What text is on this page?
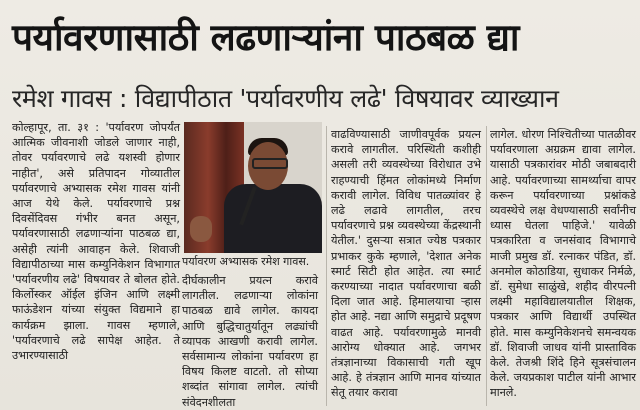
पर्यावरणासाठी लढणाऱ्यांना पाठबळ द्या
रमेश गावस : विद्यापीठात 'पर्यावरणीय लढे' विषयावर व्याख्यान

कोल्हापूर, ता. ३१ : 'पर्यावरण जोपर्यंत आत्मिक जीवनाशी जोडले जाणार नाही, तोवर पर्यावरणाचे लढे यशस्वी होणार नाहीत', असे प्रतिपादन गोव्यातील पर्यावरणाचे अभ्यासक रमेश गावस यांनी आज येथे केले. पर्यावरणाचे प्रश्न दिवसेंदिवस गंभीर बनत असून, पर्यावरणासाठी लढणाऱ्यांना पाठबळ द्या, असेही त्यांनी आवाहन केले. शिवाजी विद्यापीठाच्या मास कम्युनिकेशन विभागात 'पर्यावरणीय लढे' विषयावर ते बोलत होते. किर्लोस्कर ऑईल इंजिन आणि लक्ष्मी फाऊंडेशन यांच्या संयुक्त विद्यमाने हा कार्यक्रम झाला. गावस म्हणाले, 'पर्यावरणाचे लढे सापेक्ष आहेत. ते उभारण्यासाठी

पर्यावरण अभ्यासक रमेश गावस.

दीर्घकालीन प्रयत्न करावे लागतील. लढणाऱ्या लोकांना पाठबळ द्यावे लागेल. कायदा आणि बुद्धिचातुर्यातून लढ्यांची व्यापक आखणी करावी लागेल. सर्वसामान्य लोकांना पर्यावरण हा विषय किलष्ट वाटतो. तो सोप्या शब्दांत सांगावा लागेल. त्यांची संवेदनशीलता

वाढविण्यासाठी जाणीवपूर्वक प्रयत्न करावे लागतील. परिस्थिती कशीही असली तरी व्यवस्थेच्या विरोधात उभे राहण्याची हिंमत लोकांमध्ये निर्माण करावी लागेल. विविध पातळ्यांवर हे लढे लढावे लागतील, तरच पर्यावरणाचे प्रश्न व्यवस्थेच्या केंद्रस्थानी येतील.' दुसऱ्या सत्रात ज्येष्ठ पत्रकार प्रभाकर कुके म्हणाले, 'देशात अनेक स्मार्ट सिटी होत आहेत. त्या स्मार्ट करण्याच्या नादात पर्यावरणाचा बळी दिला जात आहे. हिमालयाचा ऱ्हास होत आहे. नद्या आणि समुद्राचे प्रदूषण वाढत आहे. पर्यावरणामुळे मानवी आरोग्य धोक्यात आहे. जगभर तंत्रज्ञानाच्या विकासाची गती खूप आहे. हे तंत्रज्ञान आणि मानव यांच्यात सेतू तयार करावा

लागेल. धोरण निश्चितीच्या पातळीवर पर्यावरणाला अग्रक्रम द्यावा लागेल. यासाठी पत्रकारांवर मोठी जबाबदारी आहे. पर्यावरणाच्या सामर्थ्याचा वापर करून पर्यावरणाच्या प्रश्नांकडे व्यवस्थेचे लक्ष वेधण्यासाठी सर्वांनीच ध्यास घेतला पाहिजे.' यावेळी पत्रकारिता व जनसंवाद विभागाचे माजी प्रमुख डॉ. रत्नाकर पंडित, डॉ. अनमोल कोठाडिया, सुधाकर निर्मळे, डॉ. सुमेधा साळुंखे, शहीद वीरपत्नी लक्ष्मी महाविद्यालयातील शिक्षक, पत्रकार आणि विद्यार्थी उपस्थित होते. मास कम्युनिकेशनचे समन्वयक डॉ. शिवाजी जाधव यांनी प्रास्ताविक केले. तेजश्री शिंदे हिने सूत्रसंचालन केले. जयप्रकाश पाटील यांनी आभार मानले.
